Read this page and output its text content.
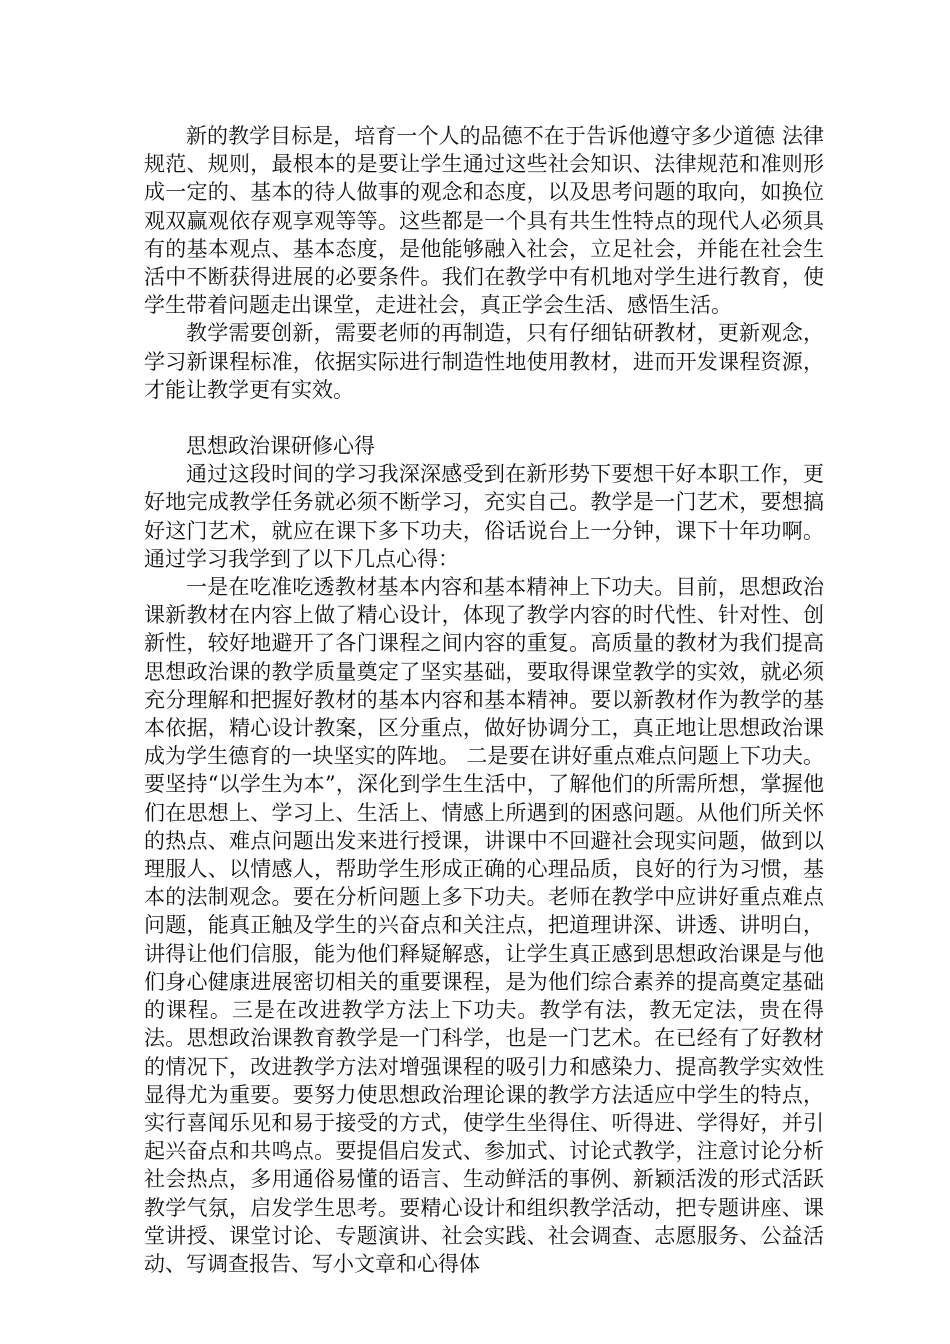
新的教学目标是，培育一个人的品德不在于告诉他遵守多少道德 法律规范、规则，最根本的是要让学生通过这些社会知识、法律规范和准则形成一定的、基本的待人做事的观念和态度，以及思考问题的取向，如换位观双赢观依存观享观等等。这些都是一个具有共生性特点的现代人必须具有的基本观点、基本态度，是他能够融入社会，立足社会，并能在社会生活中不断获得进展的必要条件。我们在教学中有机地对学生进行教育，使学生带着问题走出课堂，走进社会，真正学会生活、感悟生活。

教学需要创新，需要老师的再制造，只有仔细钻研教材，更新观念，学习新课程标准，依据实际进行制造性地使用教材，进而开发课程资源，才能让教学更有实效。

思想政治课研修心得

通过这段时间的学习我深深感受到在新形势下要想干好本职工作，更好地完成教学任务就必须不断学习，充实自己。教学是一门艺术，要想搞好这门艺术，就应在课下多下功夫，俗话说台上一分钟，课下十年功啊。通过学习我学到了以下几点心得：

一是在吃准吃透教材基本内容和基本精神上下功夫。目前，思想政治课新教材在内容上做了精心设计，体现了教学内容的时代性、针对性、创新性，较好地避开了各门课程之间内容的重复。高质量的教材为我们提高思想政治课的教学质量奠定了坚实基础，要取得课堂教学的实效，就必须充分理解和把握好教材的基本内容和基本精神。要以新教材作为教学的基本依据，精心设计教案，区分重点，做好协调分工，真正地让思想政治课成为学生德育的一块坚实的阵地。 二是要在讲好重点难点问题上下功夫。要坚持“以学生为本”，深化到学生生活中，了解他们的所需所想，掌握他们在思想上、学习上、生活上、情感上所遇到的困惑问题。从他们所关怀的热点、难点问题出发来进行授课，讲课中不回避社会现实问题，做到以理服人、以情感人，帮助学生形成正确的心理品质，良好的行为习惯，基本的法制观念。要在分析问题上多下功夫。老师在教学中应讲好重点难点问题，能真正触及学生的兴奋点和关注点，把道理讲深、讲透、讲明白，讲得让他们信服，能为他们释疑解惑，让学生真正感到思想政治课是与他们身心健康进展密切相关的重要课程，是为他们综合素养的提高奠定基础的课程。三是在改进教学方法上下功夫。教学有法，教无定法，贵在得法。思想政治课教育教学是一门科学，也是一门艺术。在已经有了好教材的情况下，改进教学方法对增强课程的吸引力和感染力、提高教学实效性显得尤为重要。要努力使思想政治理论课的教学方法适应中学生的特点，实行喜闻乐见和易于接受的方式，使学生坐得住、听得进、学得好，并引起兴奋点和共鸣点。要提倡启发式、参加式、讨论式教学，注意讨论分析社会热点，多用通俗易懂的语言、生动鲜活的事例、新颖活泼的形式活跃教学气氛，启发学生思考。要精心设计和组织教学活动，把专题讲座、课堂讲授、课堂讨论、专题演讲、社会实践、社会调查、志愿服务、公益活动、写调查报告、写小文章和心得体
